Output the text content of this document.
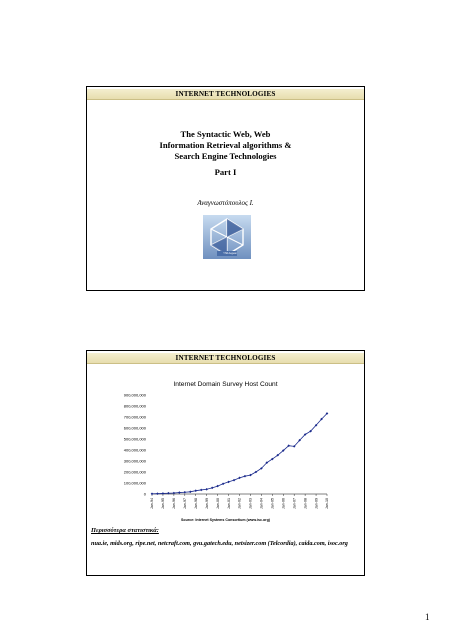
INTERNET TECHNOLOGIES
The Syntactic Web, Web
Information Retrieval algorithms &
Search Engine Technologies
Part I
Αναγνωστόπουλος Ι.
YHA Aegean
INTERNET TECHNOLOGIES
Internet Domain Survey Host Count
0
100,000,000
200,000,000
300,000,000
400,000,000
500,000,000
600,000,000
700,000,000
800,000,000
900,000,000
Jan-94 Jan-95 Jan-96 Jan-97 Jan-98 Jan-99 Jan-00 Jan-01 Jan-02 Jan-03 Jan-04 Jan-05 Jan-06 Jan-07 Jan-08 Jan-09 Jan-10
Source: Internet Systems Consortium (www.isc.org)
Περισσότερα στατιστικά:
nua.ie, mids.org, ripe.net, netcraft.com, gvu.gatech.edu, netsizer.com (Telcordia), caida.com, isoc.org
1
